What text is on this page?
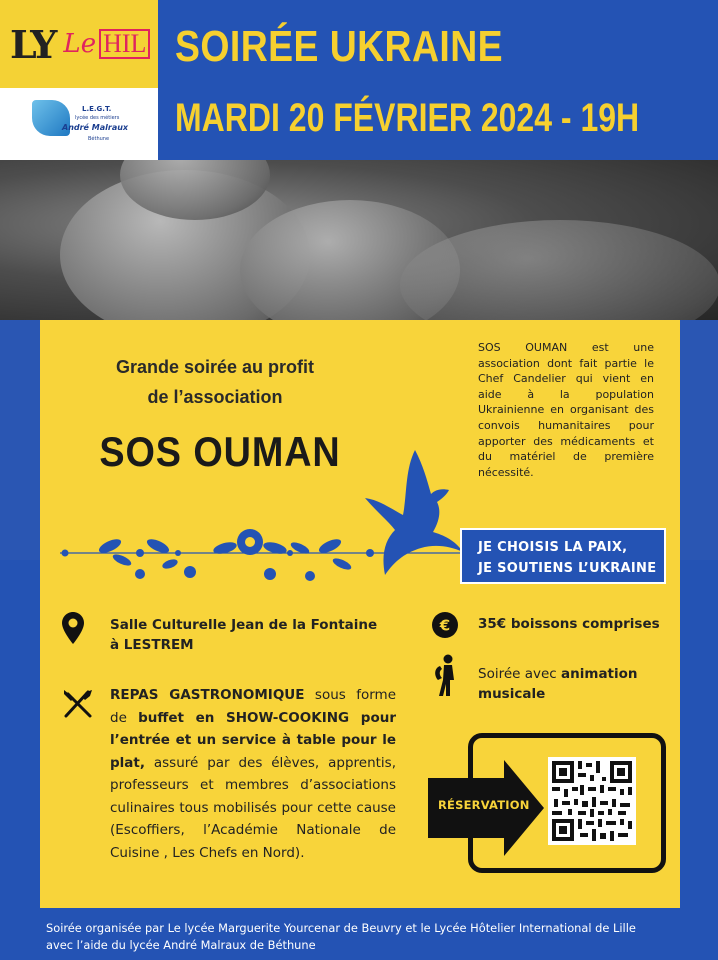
LY Le HIL
L.E.G.T.
lycée des métiers
André Malraux
Béthune
SOIRÉE UKRAINE
MARDI 20 FÉVRIER 2024 - 19H
Grande soirée au profit
de l’association
SOS OUMAN
SOS OUMAN est une association dont fait partie le Chef Candelier qui vient en aide à la population Ukrainienne en organisant des convois humanitaires pour apporter des médicaments et du matériel de première nécessité.
JE CHOISIS LA PAIX,
JE SOUTIENS L’UKRAINE
Salle Culturelle Jean de la Fontaine
à LESTREM
REPAS GASTRONOMIQUE sous forme de buffet en SHOW-COOKING pour l’entrée et un service à table pour le plat, assuré par des élèves, apprentis, professeurs et membres d’associations culinaires tous mobilisés pour cette cause (Escoffiers, l’Académie Nationale de Cuisine , Les Chefs en Nord).
€ 35€ boissons comprises
Soirée avec animation musicale
RÉSERVATION
Soirée organisée par Le lycée Marguerite Yourcenar de Beuvry et le Lycée Hôtelier International de Lille
avec l’aide du lycée André Malraux de Béthune
